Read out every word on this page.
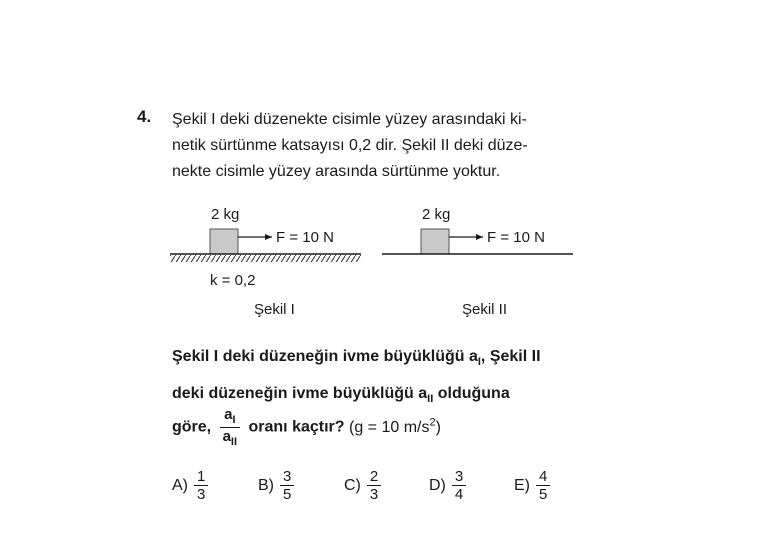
4. Şekil I deki düzenekte cisimle yüzey arasındaki ki-
netik sürtünme katsayısı 0,2 dir. Şekil II deki düze-
nekte cisimle yüzey arasında sürtünme yoktur.
2 kg
F = 10 N
k = 0,2
Şekil I
2 kg
F = 10 N
Şekil II
Şekil I deki düzeneğin ivme büyüklüğü $a_I$, Şekil II
deki düzeneğin ivme büyüklüğü $a_{II}$ olduğuna
göre, $\frac{a_I}{a_{II}}$ oranı kaçtır? (g = 10 $m/s^2$)
$A) \frac{1}{3}$	$B) \frac{3}{5}$	$C) \frac{2}{3}$	$D) \frac{3}{4}$	$E) \frac{4}{5}$
